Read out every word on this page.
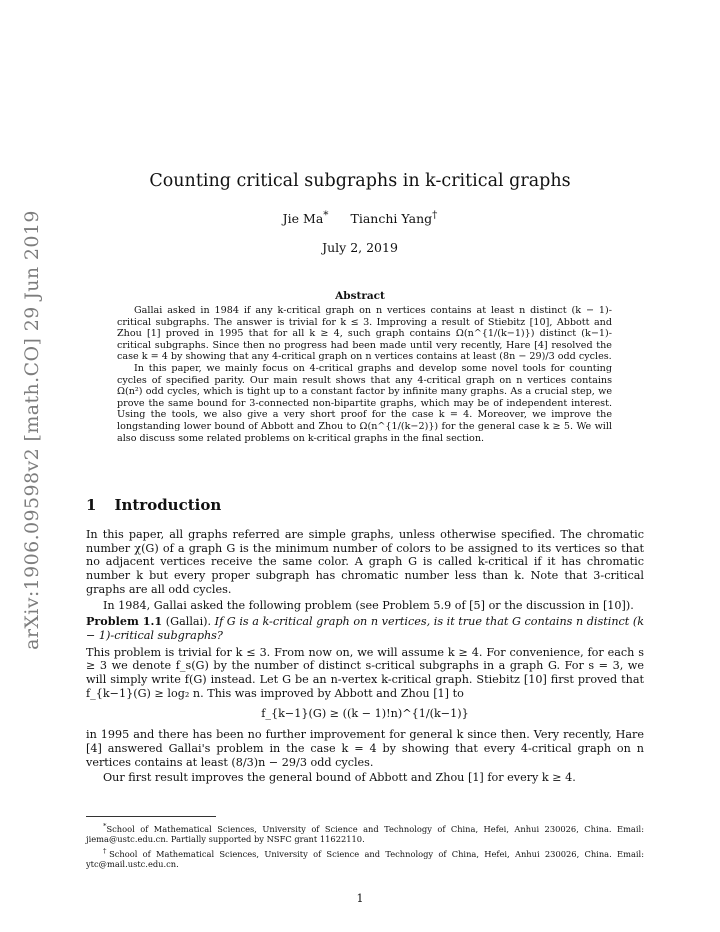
arXiv:1906.09598v2 [math.CO] 29 Jun 2019
Counting critical subgraphs in k-critical graphs
Jie Ma* Tianchi Yang†
July 2, 2019
Abstract

Gallai asked in 1984 if any k-critical graph on n vertices contains at least n distinct (k − 1)-critical subgraphs. The answer is trivial for k ≤ 3. Improving a result of Stiebitz [10], Abbott and Zhou [1] proved in 1995 that for all k ≥ 4, such graph contains Ω(n^{1/(k−1)}) distinct (k−1)-critical subgraphs. Since then no progress had been made until very recently, Hare [4] resolved the case k = 4 by showing that any 4-critical graph on n vertices contains at least (8n − 29)/3 odd cycles.

In this paper, we mainly focus on 4-critical graphs and develop some novel tools for counting cycles of specified parity. Our main result shows that any 4-critical graph on n vertices contains Ω(n²) odd cycles, which is tight up to a constant factor by infinite many graphs. As a crucial step, we prove the same bound for 3-connected non-bipartite graphs, which may be of independent interest. Using the tools, we also give a very short proof for the case k = 4. Moreover, we improve the longstanding lower bound of Abbott and Zhou to Ω(n^{1/(k−2)}) for the general case k ≥ 5. We will also discuss some related problems on k-critical graphs in the final section.

1 Introduction

In this paper, all graphs referred are simple graphs, unless otherwise specified. The chromatic number χ(G) of a graph G is the minimum number of colors to be assigned to its vertices so that no adjacent vertices receive the same color. A graph G is called k-critical if it has chromatic number k but every proper subgraph has chromatic number less than k. Note that 3-critical graphs are all odd cycles.

In 1984, Gallai asked the following problem (see Problem 5.9 of [5] or the discussion in [10]).

Problem 1.1 (Gallai). If G is a k-critical graph on n vertices, is it true that G contains n distinct (k − 1)-critical subgraphs?

This problem is trivial for k ≤ 3. From now on, we will assume k ≥ 4. For convenience, for each s ≥ 3 we denote f_s(G) by the number of distinct s-critical subgraphs in a graph G. For s = 3, we will simply write f(G) instead. Let G be an n-vertex k-critical graph. Stiebitz [10] first proved that f_{k−1}(G) ≥ log₂ n. This was improved by Abbott and Zhou [1] to

f_{k−1}(G) ≥ ((k − 1)!n)^{1/(k−1)}

in 1995 and there has been no further improvement for general k since then. Very recently, Hare [4] answered Gallai's problem in the case k = 4 by showing that every 4-critical graph on n vertices contains at least (8/3)n − 29/3 odd cycles.

Our first result improves the general bound of Abbott and Zhou [1] for every k ≥ 4.

*School of Mathematical Sciences, University of Science and Technology of China, Hefei, Anhui 230026, China. Email: jiema@ustc.edu.cn. Partially supported by NSFC grant 11622110.

†School of Mathematical Sciences, University of Science and Technology of China, Hefei, Anhui 230026, China. Email: ytc@mail.ustc.edu.cn.

1
